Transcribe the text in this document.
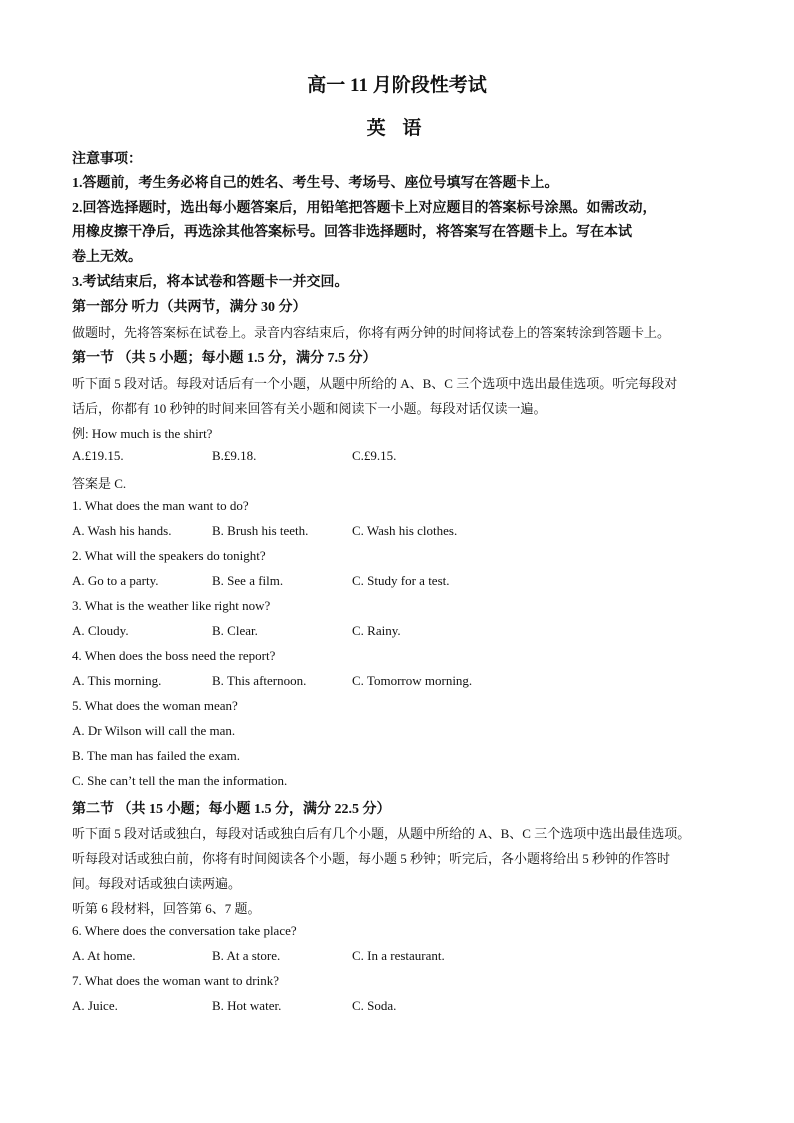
高一 11 月阶段性考试
英 语
注意事项：
1.答题前，考生务必将自己的姓名、考生号、考场号、座位号填写在答题卡上。
2.回答选择题时，选出每小题答案后，用铅笔把答题卡上对应题目的答案标号涂黑。如需改动，
用橡皮擦干净后，再选涂其他答案标号。回答非选择题时，将答案写在答题卡上。写在本试
卷上无效。
3.考试结束后，将本试卷和答题卡一并交回。
第一部分 听力（共两节，满分 30 分）
做题时，先将答案标在试卷上。录音内容结束后，你将有两分钟的时间将试卷上的答案转涂到答题卡上。
第一节 （共 5 小题；每小题 1.5 分，满分 7.5 分）
听下面 5 段对话。每段对话后有一个小题，从题中所给的 A、B、C 三个选项中选出最佳选项。听完每段对
话后，你都有 10 秒钟的时间来回答有关小题和阅读下一小题。每段对话仅读一遍。
例: How much is the shirt?
A.£19.15.	B.£9.18.	C.£9.15.
答案是 C.
1. What does the man want to do?
A. Wash his hands.	B. Brush his teeth.	C. Wash his clothes.
2. What will the speakers do tonight?
A. Go to a party.	B. See a film.	C. Study for a test.
3. What is the weather like right now?
A. Cloudy.	B. Clear.	C. Rainy.
4. When does the boss need the report?
A. This morning.	B. This afternoon.	C. Tomorrow morning.
5. What does the woman mean?
A. Dr Wilson will call the man.
B. The man has failed the exam.
C. She can’t tell the man the information.
第二节 （共 15 小题；每小题 1.5 分，满分 22.5 分）
听下面 5 段对话或独白，每段对话或独白后有几个小题，从题中所给的 A、B、C 三个选项中选出最佳选项。
听每段对话或独白前，你将有时间阅读各个小题，每小题 5 秒钟；听完后，各小题将给出 5 秒钟的作答时
间。每段对话或独白读两遍。
听第 6 段材料，回答第 6、7 题。
6. Where does the conversation take place?
A. At home.	B. At a store.	C. In a restaurant.
7. What does the woman want to drink?
A. Juice.	B. Hot water.	C. Soda.
